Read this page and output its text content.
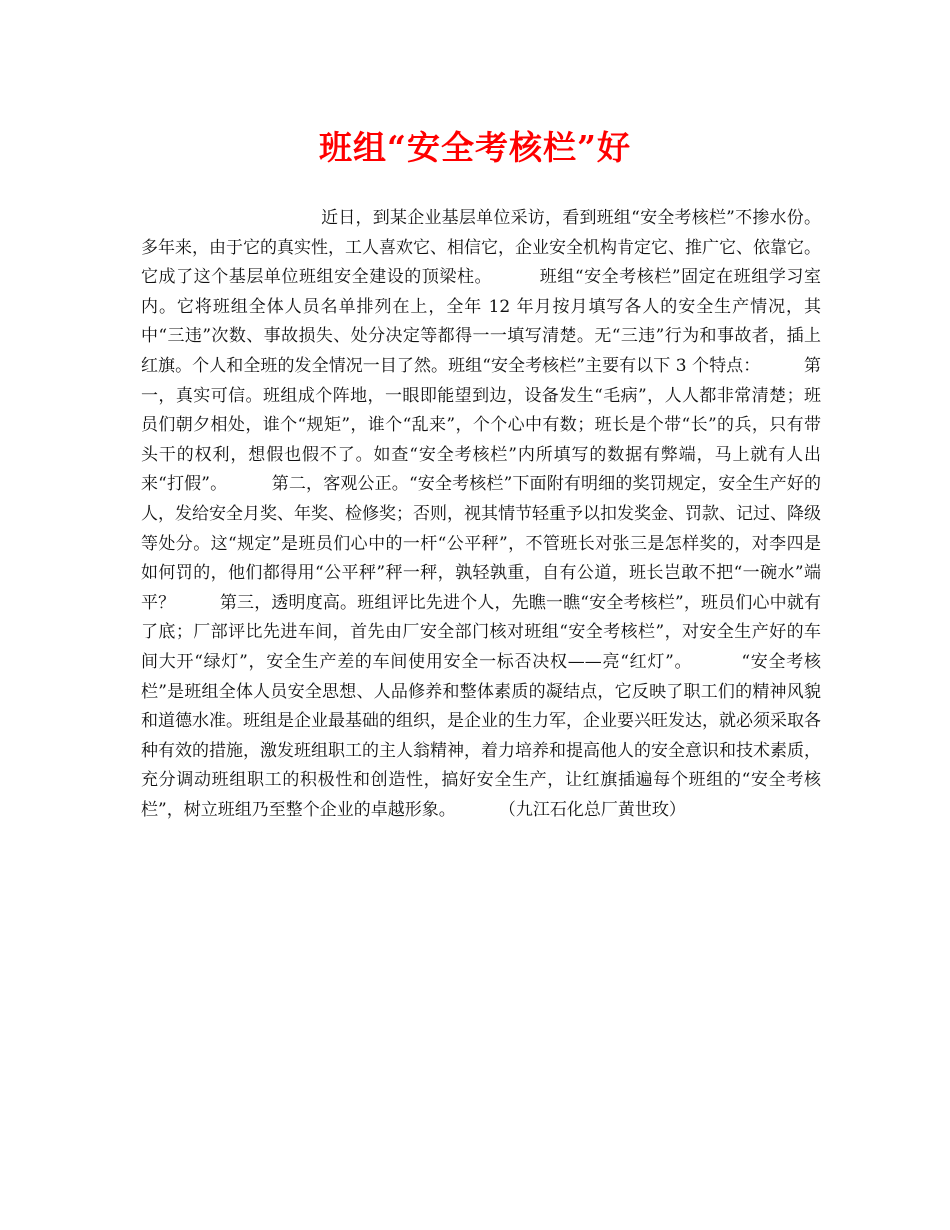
班组“安全考核栏”好

近日，到某企业基层单位采访，看到班组“安全考核栏”不掺水份。多年来，由于它的真实性，工人喜欢它、相信它，企业安全机构肯定它、推广它、依靠它。它成了这个基层单位班组安全建设的顶梁柱。        班组“安全考核栏”固定在班组学习室内。它将班组全体人员名单排列在上，全年 12 年月按月填写各人的安全生产情况，其中“三违”次数、事故损失、处分决定等都得一一填写清楚。无“三违”行为和事故者，插上红旗。个人和全班的发全情况一目了然。班组“安全考核栏”主要有以下 3 个特点：        第一，真实可信。班组成个阵地，一眼即能望到边，设备发生“毛病”，人人都非常清楚；班员们朝夕相处，谁个“规矩”，谁个“乱来”，个个心中有数；班长是个带“长”的兵，只有带头干的权利，想假也假不了。如查“安全考核栏”内所填写的数据有弊端，马上就有人出来“打假”。        第二，客观公正。“安全考核栏”下面附有明细的奖罚规定，安全生产好的人，发给安全月奖、年奖、检修奖；否则，视其情节轻重予以扣发奖金、罚款、记过、降级等处分。这“规定”是班员们心中的一杆“公平秤”，不管班长对张三是怎样奖的，对李四是如何罚的，他们都得用“公平秤”秤一秤，孰轻孰重，自有公道，班长岂敢不把“一碗水”端平？        第三，透明度高。班组评比先进个人，先瞧一瞧“安全考核栏”，班员们心中就有了底；厂部评比先进车间，首先由厂安全部门核对班组“安全考核栏”，对安全生产好的车间大开“绿灯”，安全生产差的车间使用安全一标否决权——亮“红灯”。        “安全考核栏”是班组全体人员安全思想、人品修养和整体素质的凝结点，它反映了职工们的精神风貌和道德水准。班组是企业最基础的组织，是企业的生力军，企业要兴旺发达，就必须采取各种有效的措施，激发班组职工的主人翁精神，着力培养和提高他人的安全意识和技术素质，充分调动班组职工的积极性和创造性，搞好安全生产，让红旗插遍每个班组的“安全考核栏”，树立班组乃至整个企业的卓越形象。        （九江石化总厂黄世玫）
